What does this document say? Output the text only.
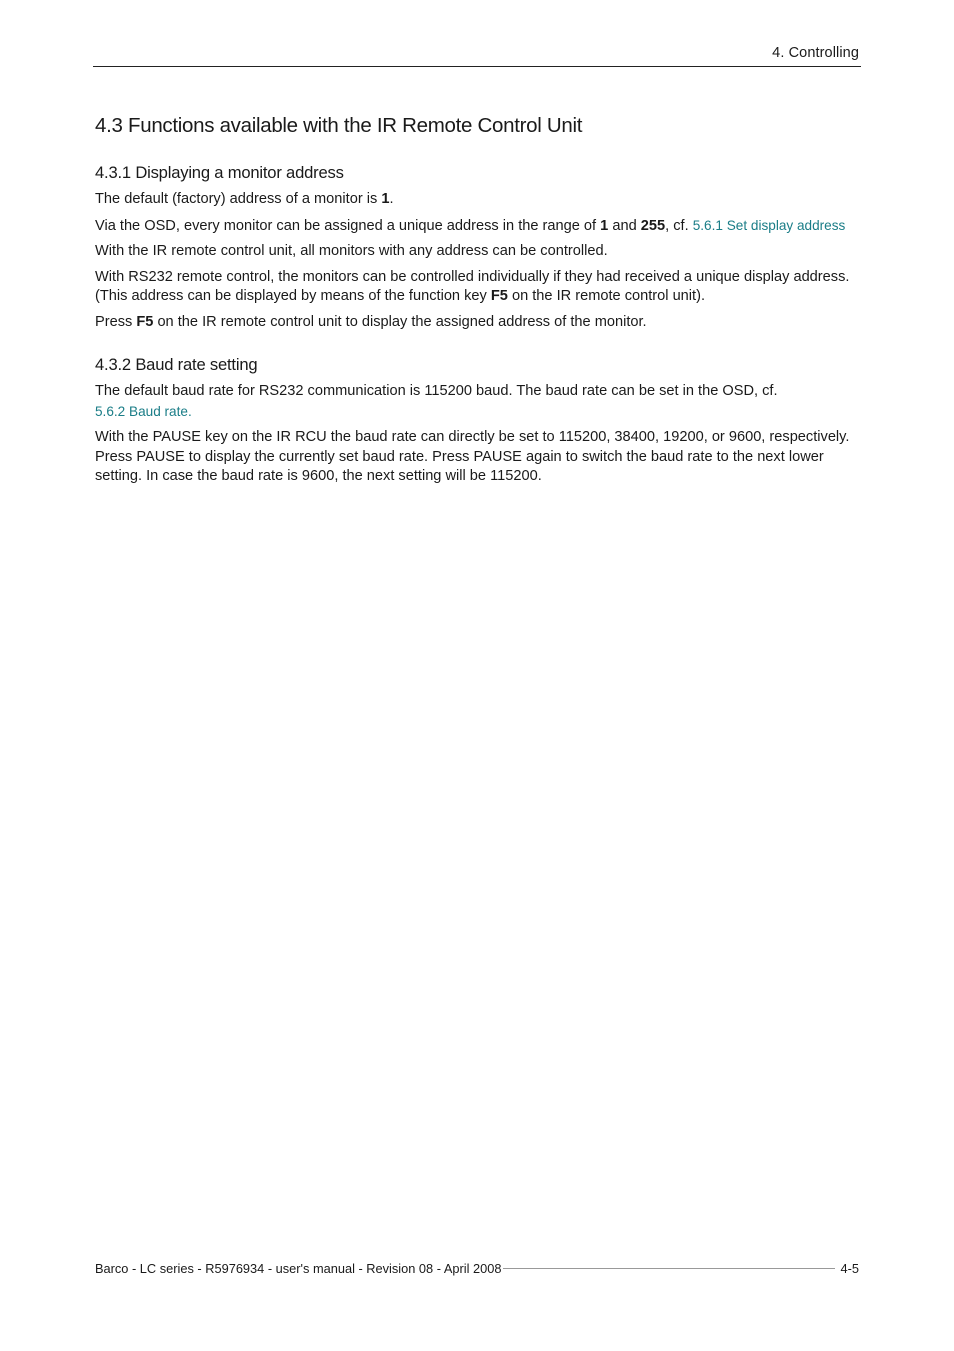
4. Controlling
4.3 Functions available with the IR Remote Control Unit
4.3.1 Displaying a monitor address

The default (factory) address of a monitor is 1.

Via the OSD, every monitor can be assigned a unique address in the range of 1 and 255, cf. 5.6.1 Set display address

With the IR remote control unit, all monitors with any address can be controlled.

With RS232 remote control, the monitors can be controlled individually if they had received a unique display address. (This address can be displayed by means of the function key F5 on the IR remote control unit).

Press F5 on the IR remote control unit to display the assigned address of the monitor.

4.3.2 Baud rate setting

The default baud rate for RS232 communication is 115200 baud. The baud rate can be set in the OSD, cf.
5.6.2 Baud rate.

With the PAUSE key on the IR RCU the baud rate can directly be set to 115200, 38400, 19200, or 9600, respectively. Press PAUSE to display the currently set baud rate. Press PAUSE again to switch the baud rate to the next lower setting. In case the baud rate is 9600, the next setting will be 115200.

Barco - LC series - R5976934 - user's manual - Revision 08 - April 2008	4-5
